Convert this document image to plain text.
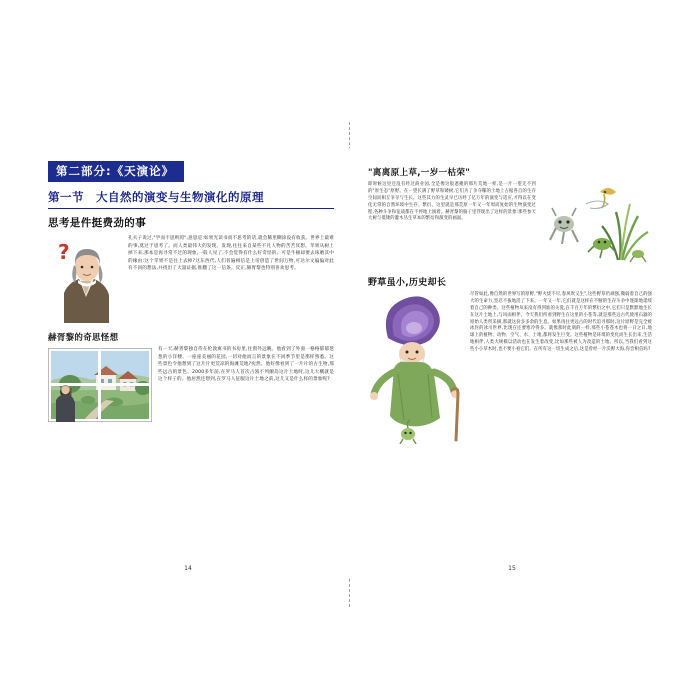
第二部分:《天演论》
第一节　大自然的演变与生物演化的原理
思考是件挺费劲的事
?
孔夫子说过,"学而不思则罔",意思是:如果光读书而不思考的话,就会稀里糊涂没有收获。世界上最难的事,莫过于思考了。而人类最伟大的发现、发现,往往来自某些不凡人物的苦苦冥想。苹果从树上掉下来,那本是再寻常不过的现象,一般人见了,不会觉得有什么好奇怪的。可是牛顿却要去琢磨其中的缘由:这个苹果不是往上去掉?这东西代,人们普遍相信是上帝创造了世间万物,可达尔文偏偏对此有不同的想法,并找出了大量证据,推翻了这一信条。反正,赫胥黎也特别喜欢思考。
赫胥黎的奇思怪想
有一天,赫胥黎独自待在伦敦寓书的书房里,往窗外远眺。他看到了外面一格格郁郁葱葱的小洋楼、一座座美丽的花园,一切对他而言的景象在不同季节里是那样熟悉。这些景色令他想到了这片片更荒凉的海滩荒地?宛然、他好像看到了一片片的古生物,那些远古的景色、2000多年前,在罗马人首次占领不列颠岛这片土地时,这儿大概就是这个样子的。他居然还想到,在罗马人征服这片土地之前,这儿又是什么样的景象呢?
14
"离离原上草,一岁一枯荣"
即时候这里还没有经过商业园,全是像这般遮掩的那片荒地一样,是一片一望无不到的"原生态"原野。在一望长满了野草和矮树,它们为了争夺稀的土地上占据各自的生存空间而相互争夺与生长。这些其力的生灵早已历经了亿万年的演变与适应,才得以在变化无常的自然环境中生存、繁衍。这里就是那荒原一年又一年周而复始的生物演变过程,各种斗争和征战都在不停地上演着。赫胥黎的脑子里浮现出了这样的景象:那些参天大树与低矮的灌木丛生草本的繁衍和演变的画面。
野草虽小,历史却长
尽管如此,像自然的世界写的原野,"野火烧不尽,春风吹又生",这些野草仍顽强,微弱着自己的强大的生命力,坚忍不拔地活了下来。一年又一年,它们就是这样在不断的生存斗争中逐渐地延续着自己的种类。这些植物从来没有得到谁的关爱,在千百万年的繁衍之中,它们只是默默地生长在这片土地上,与风雨相伴。今天我们所看到野生在这里的小苍等,就是那些远古代使用石器的原始人类所采摘,那就这份多多余的生息。如果再往更远古的时代追寻那时,这片原野是完全被冰封的冰川世界,比现在还要寒冷得多。就像那时此刻的一样,那些小苍苍木也将一日之日,地球上的植物、动物、空气、水、土地,都将发生巨变。这些植物是环境的变化而生长出来,生活地相伴,人类大规模以活动也在发生着改变,比如那些被人为改造的土地。所以,当我们看到这些小小草木时,也不要小看它们。在所有这一切生成之后,这是曾经一片沃野大海,你会相信吗?
15
